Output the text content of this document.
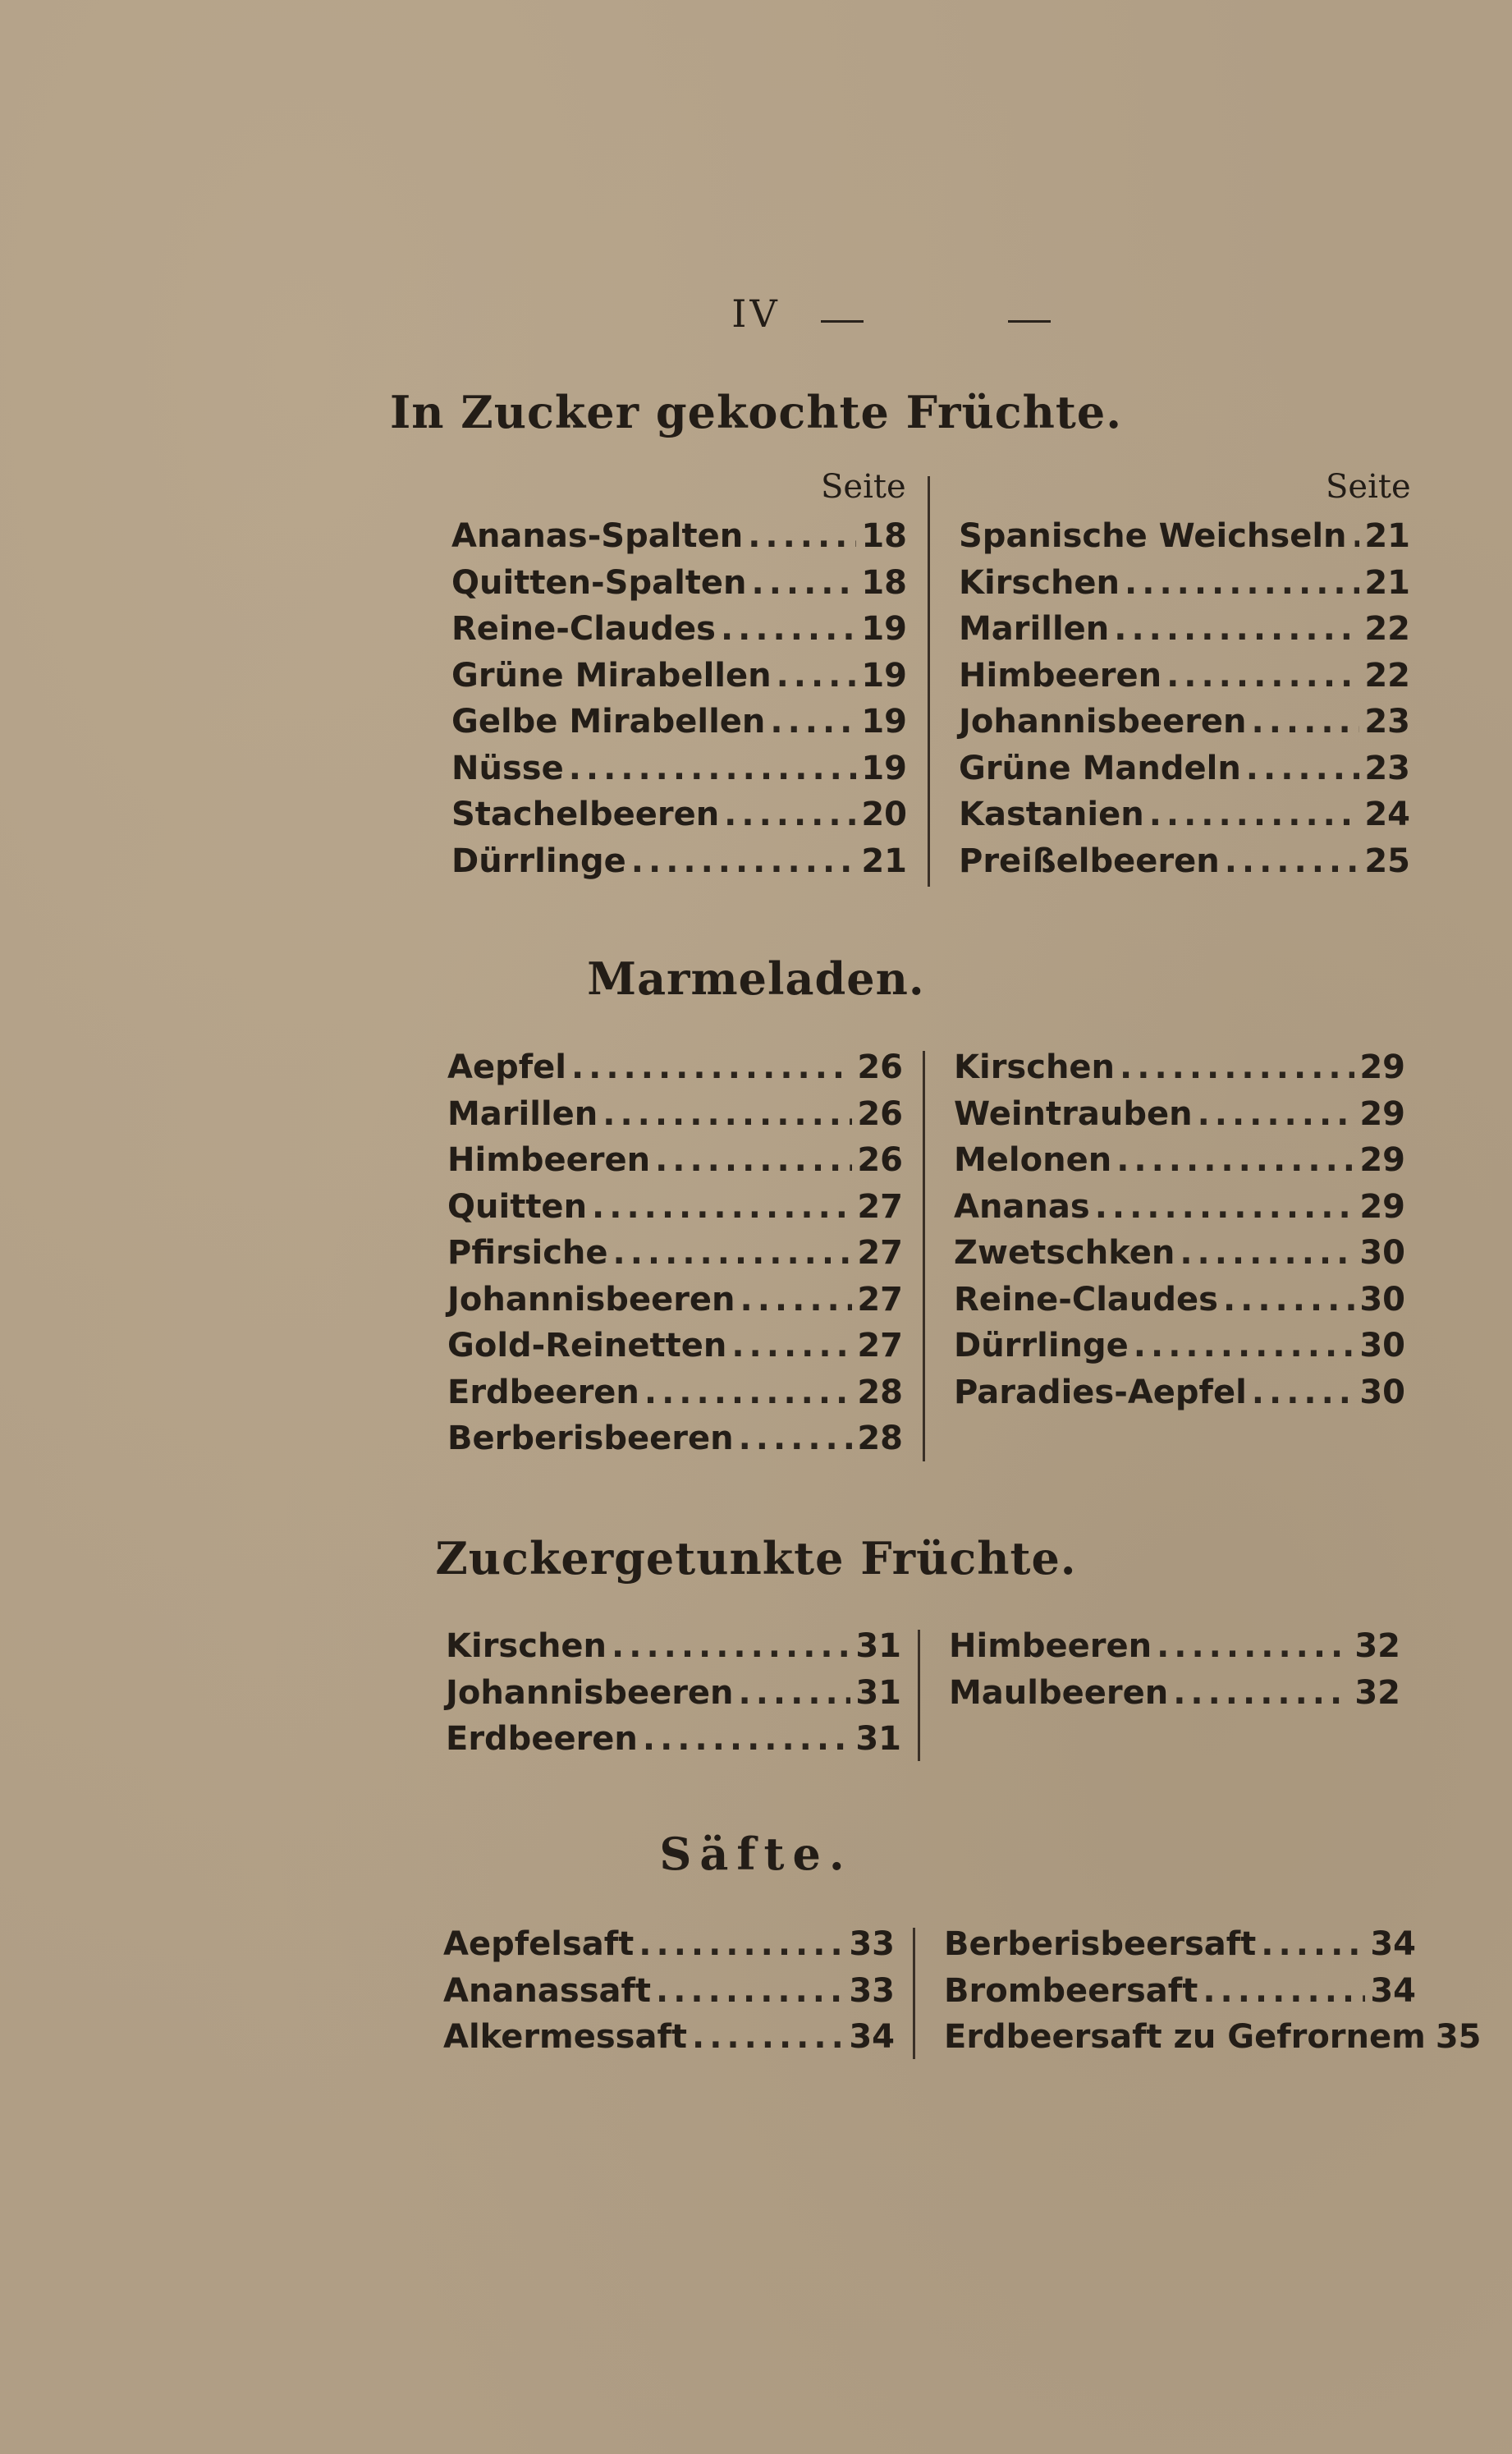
IV
In Zucker gekochte Früchte.
Seite	Seite
Ananas-Spalten .....	18
Quitten-Spalten .....	18
Reine-Claudes .....	19
Grüne Mirabellen .....	19
Gelbe Mirabellen .....	19
Nüsse .....	19
Stachelbeeren .....	20
Dürrlinge .....	21
Spanische Weichseln ..... 21
Kirschen .....	21
Marillen .....	22
Himbeeren .....	22
Johannisbeeren .....	23
Grüne Mandeln .....	23
Kastanien .....	24
Preißelbeeren .....	25
Marmeladen.
Aepfel .....	26
Marillen .....	26
Himbeeren .....	26
Quitten .....	27
Pfirsiche .....	27
Johannisbeeren .....	27
Gold-Reinetten .....	27
Erdbeeren .....	28
Berberisbeeren .....	28
Kirschen .....	29
Weintrauben .....	29
Melonen .....	29
Ananas .....	29
Zwetschken .....	30
Reine-Claudes .....	30
Dürrlinge .....	30
Paradies-Aepfel .....	30
Zuckergetunkte Früchte.
Kirschen .....	31
Johannisbeeren .....	31
Erdbeeren .....	31
Himbeeren .....	32
Maulbeeren .....	32
Säfte.
Aepfelsaft .....	33
Ananassaft .....	33
Alkermessaft .....	34
Berberisbeersaft .....	34
Brombeersaft .....	34
Erdbeersaft zu Gefrornem 35
